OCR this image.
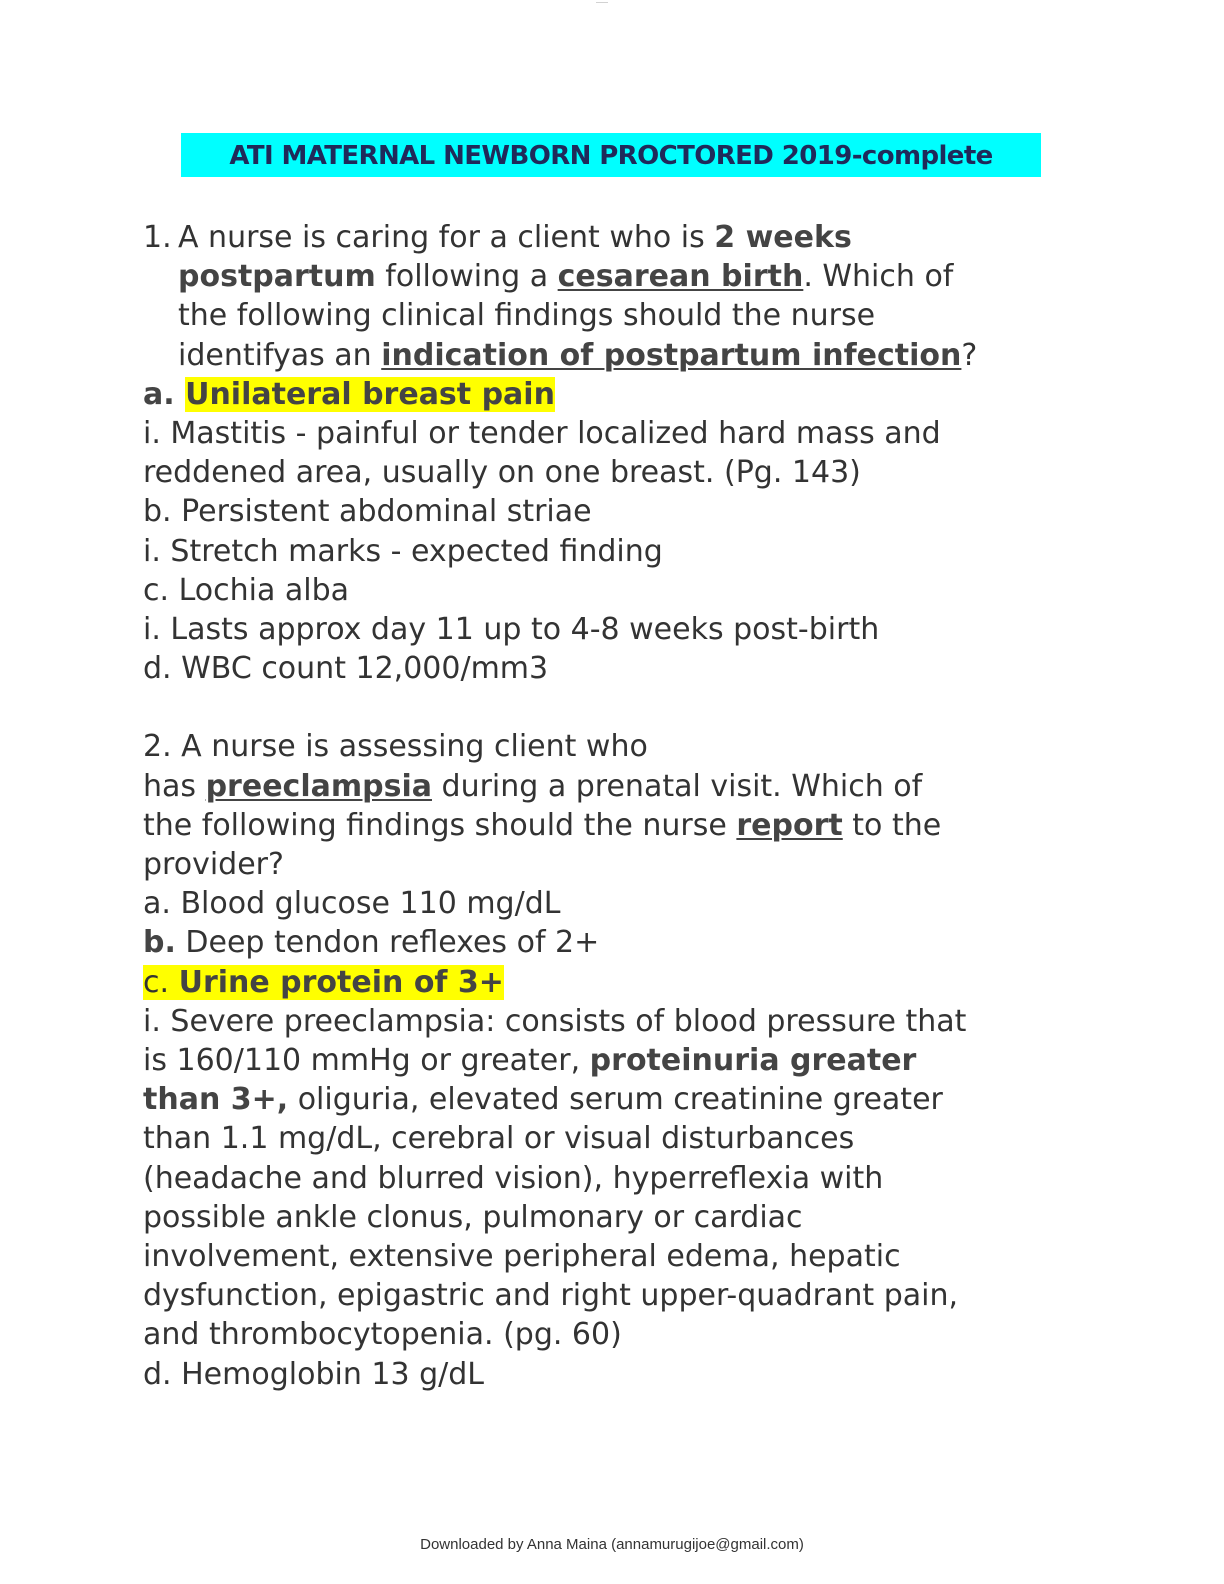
——
ATI MATERNAL NEWBORN PROCTORED 2019-complete
1. A nurse is caring for a client who is 2 weeks
postpartum following a cesarean birth. Which of
the following clinical findings should the nurse
identifyas an indication of postpartum infection?
a. Unilateral breast pain
i. Mastitis - painful or tender localized hard mass and
reddened area, usually on one breast. (Pg. 143)
b. Persistent abdominal striae
i. Stretch marks - expected finding
c. Lochia alba
i. Lasts approx day 11 up to 4-8 weeks post-birth
d. WBC count 12,000/mm3
2. A nurse is assessing client who
has preeclampsia during a prenatal visit. Which of
the following findings should the nurse report to the
provider?
a. Blood glucose 110 mg/dL
b. Deep tendon reflexes of 2+
c. Urine protein of 3+
i. Severe preeclampsia: consists of blood pressure that
is 160/110 mmHg or greater, proteinuria greater
than 3+, oliguria, elevated serum creatinine greater
than 1.1 mg/dL, cerebral or visual disturbances
(headache and blurred vision), hyperreflexia with
possible ankle clonus, pulmonary or cardiac
involvement, extensive peripheral edema, hepatic
dysfunction, epigastric and right upper-quadrant pain,
and thrombocytopenia. (pg. 60)
d. Hemoglobin 13 g/dL
Downloaded by Anna Maina (annamurugijoe@gmail.com)
